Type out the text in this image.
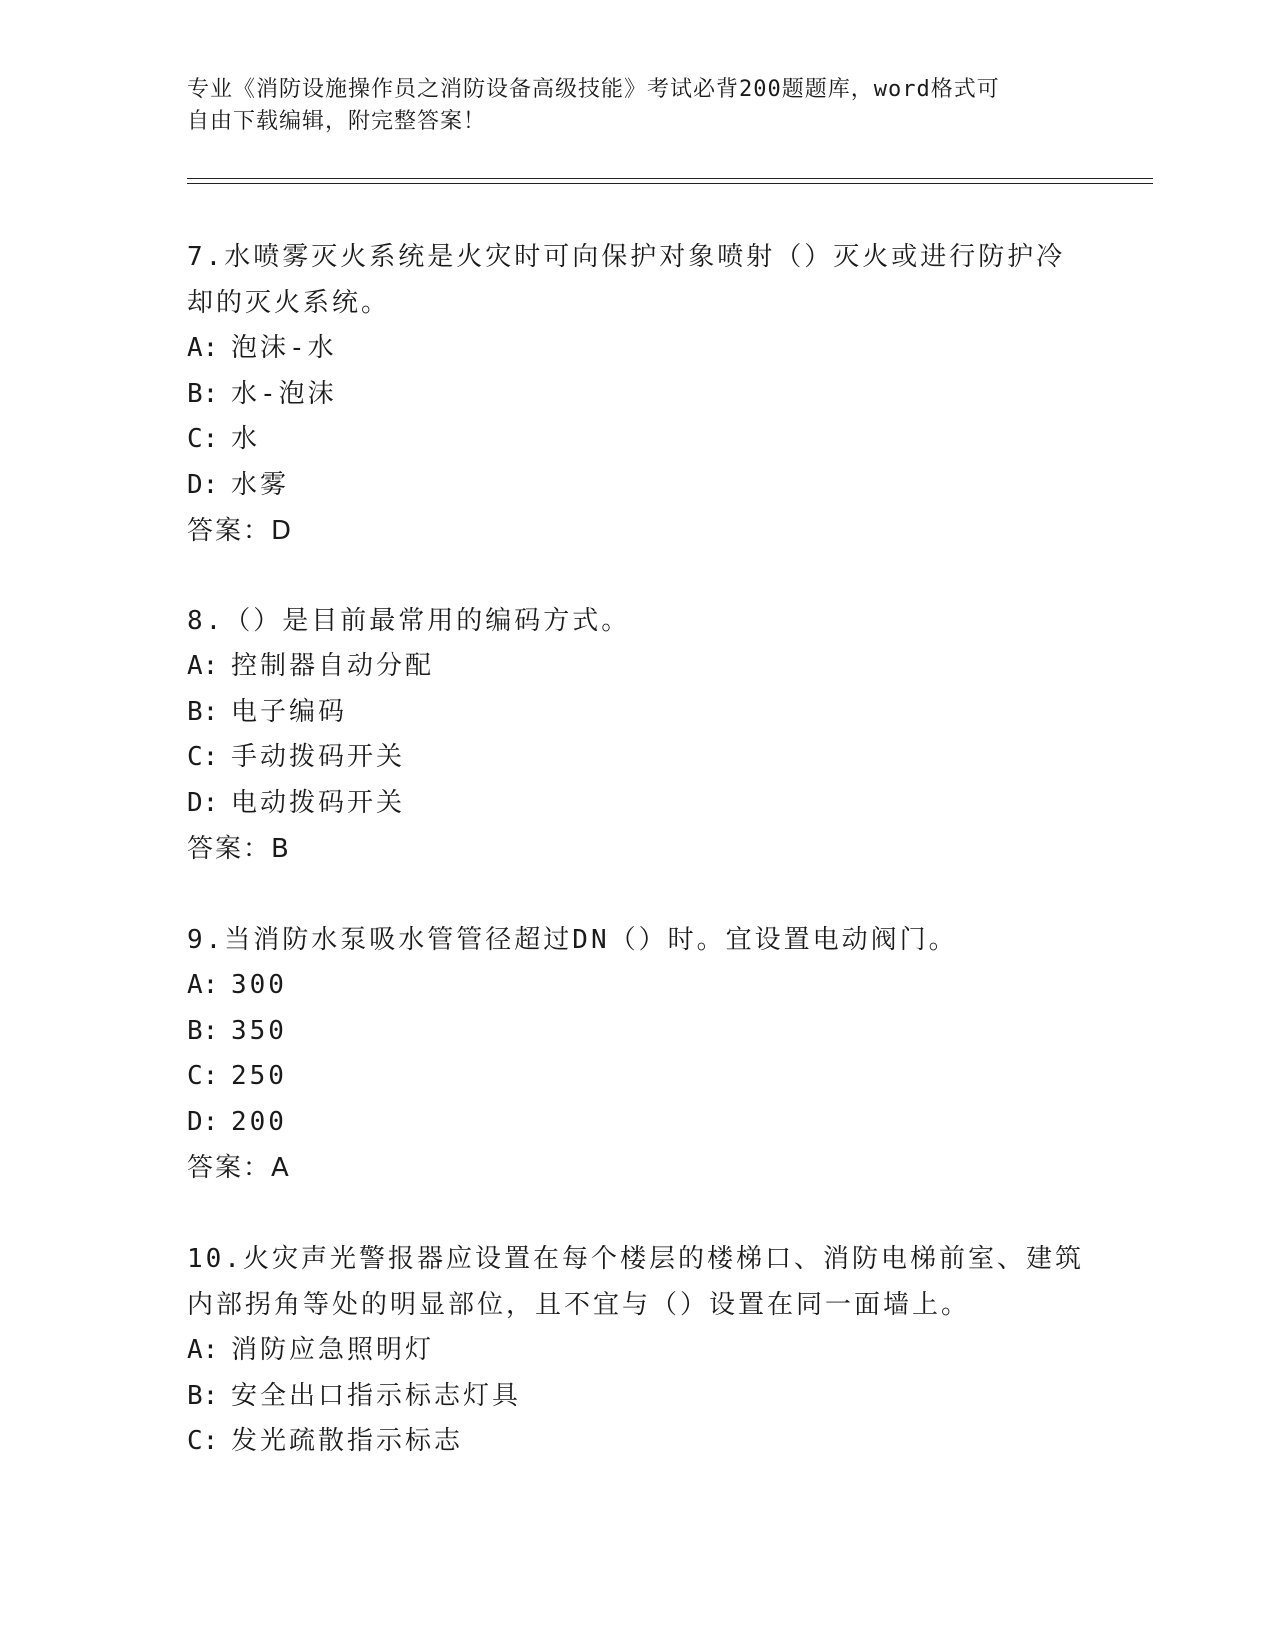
专业《消防设施操作员之消防设备高级技能》考试必背200题题库，word格式可
自由下载编辑，附完整答案！
7.水喷雾灭火系统是火灾时可向保护对象喷射（）灭火或进行防护冷
却的灭火系统。
A: 泡沫-水
B: 水-泡沫
C: 水
D: 水雾
答案：D
8.（）是目前最常用的编码方式。
A: 控制器自动分配
B: 电子编码
C: 手动拨码开关
D: 电动拨码开关
答案：B
9.当消防水泵吸水管管径超过DN（）时。宜设置电动阀门。
A: 300
B: 350
C: 250
D: 200
答案：A
10.火灾声光警报器应设置在每个楼层的楼梯口、消防电梯前室、建筑
内部拐角等处的明显部位，且不宜与（）设置在同一面墙上。
A: 消防应急照明灯
B: 安全出口指示标志灯具
C: 发光疏散指示标志
